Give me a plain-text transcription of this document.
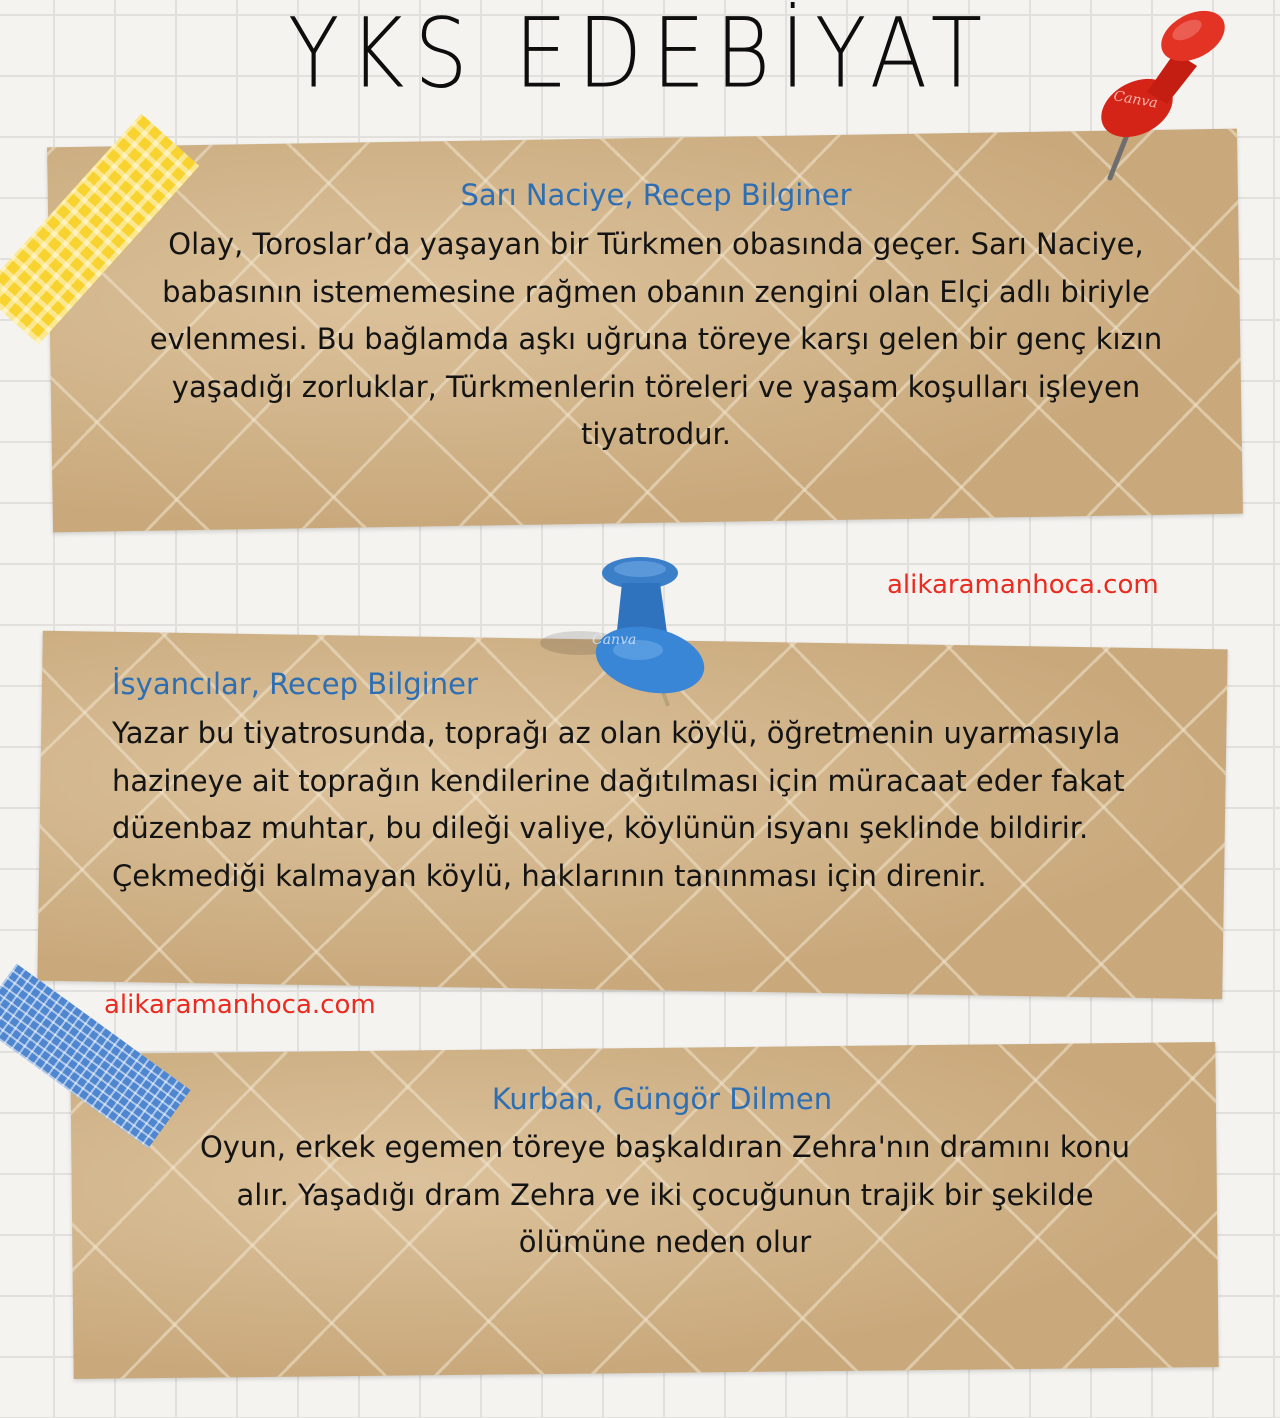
YKS EDEBİYAT
Sarı Naciye, Recep Bilginer
Olay, Toroslar’da yaşayan bir Türkmen obasında geçer. Sarı Naciye,
babasının istememesine rağmen obanın zengini olan Elçi adlı biriyle
evlenmesi. Bu bağlamda aşkı uğruna töreye karşı gelen bir genç kızın
yaşadığı zorluklar, Türkmenlerin töreleri ve yaşam koşulları işleyen
tiyatrodur.
alikaramanhoca.com
İsyancılar, Recep Bilginer
Yazar bu tiyatrosunda, toprağı az olan köylü, öğretmenin uyarmasıyla
hazineye ait toprağın kendilerine dağıtılması için müracaat eder fakat
düzenbaz muhtar, bu dileği valiye, köylünün isyanı şeklinde bildirir.
Çekmediği kalmayan köylü, haklarının tanınması için direnir.
alikaramanhoca.com
Kurban, Güngör Dilmen
Oyun, erkek egemen töreye başkaldıran Zehra'nın dramını konu
alır. Yaşadığı dram Zehra ve iki çocuğunun trajik bir şekilde
ölümüne neden olur
Canva
Canva
